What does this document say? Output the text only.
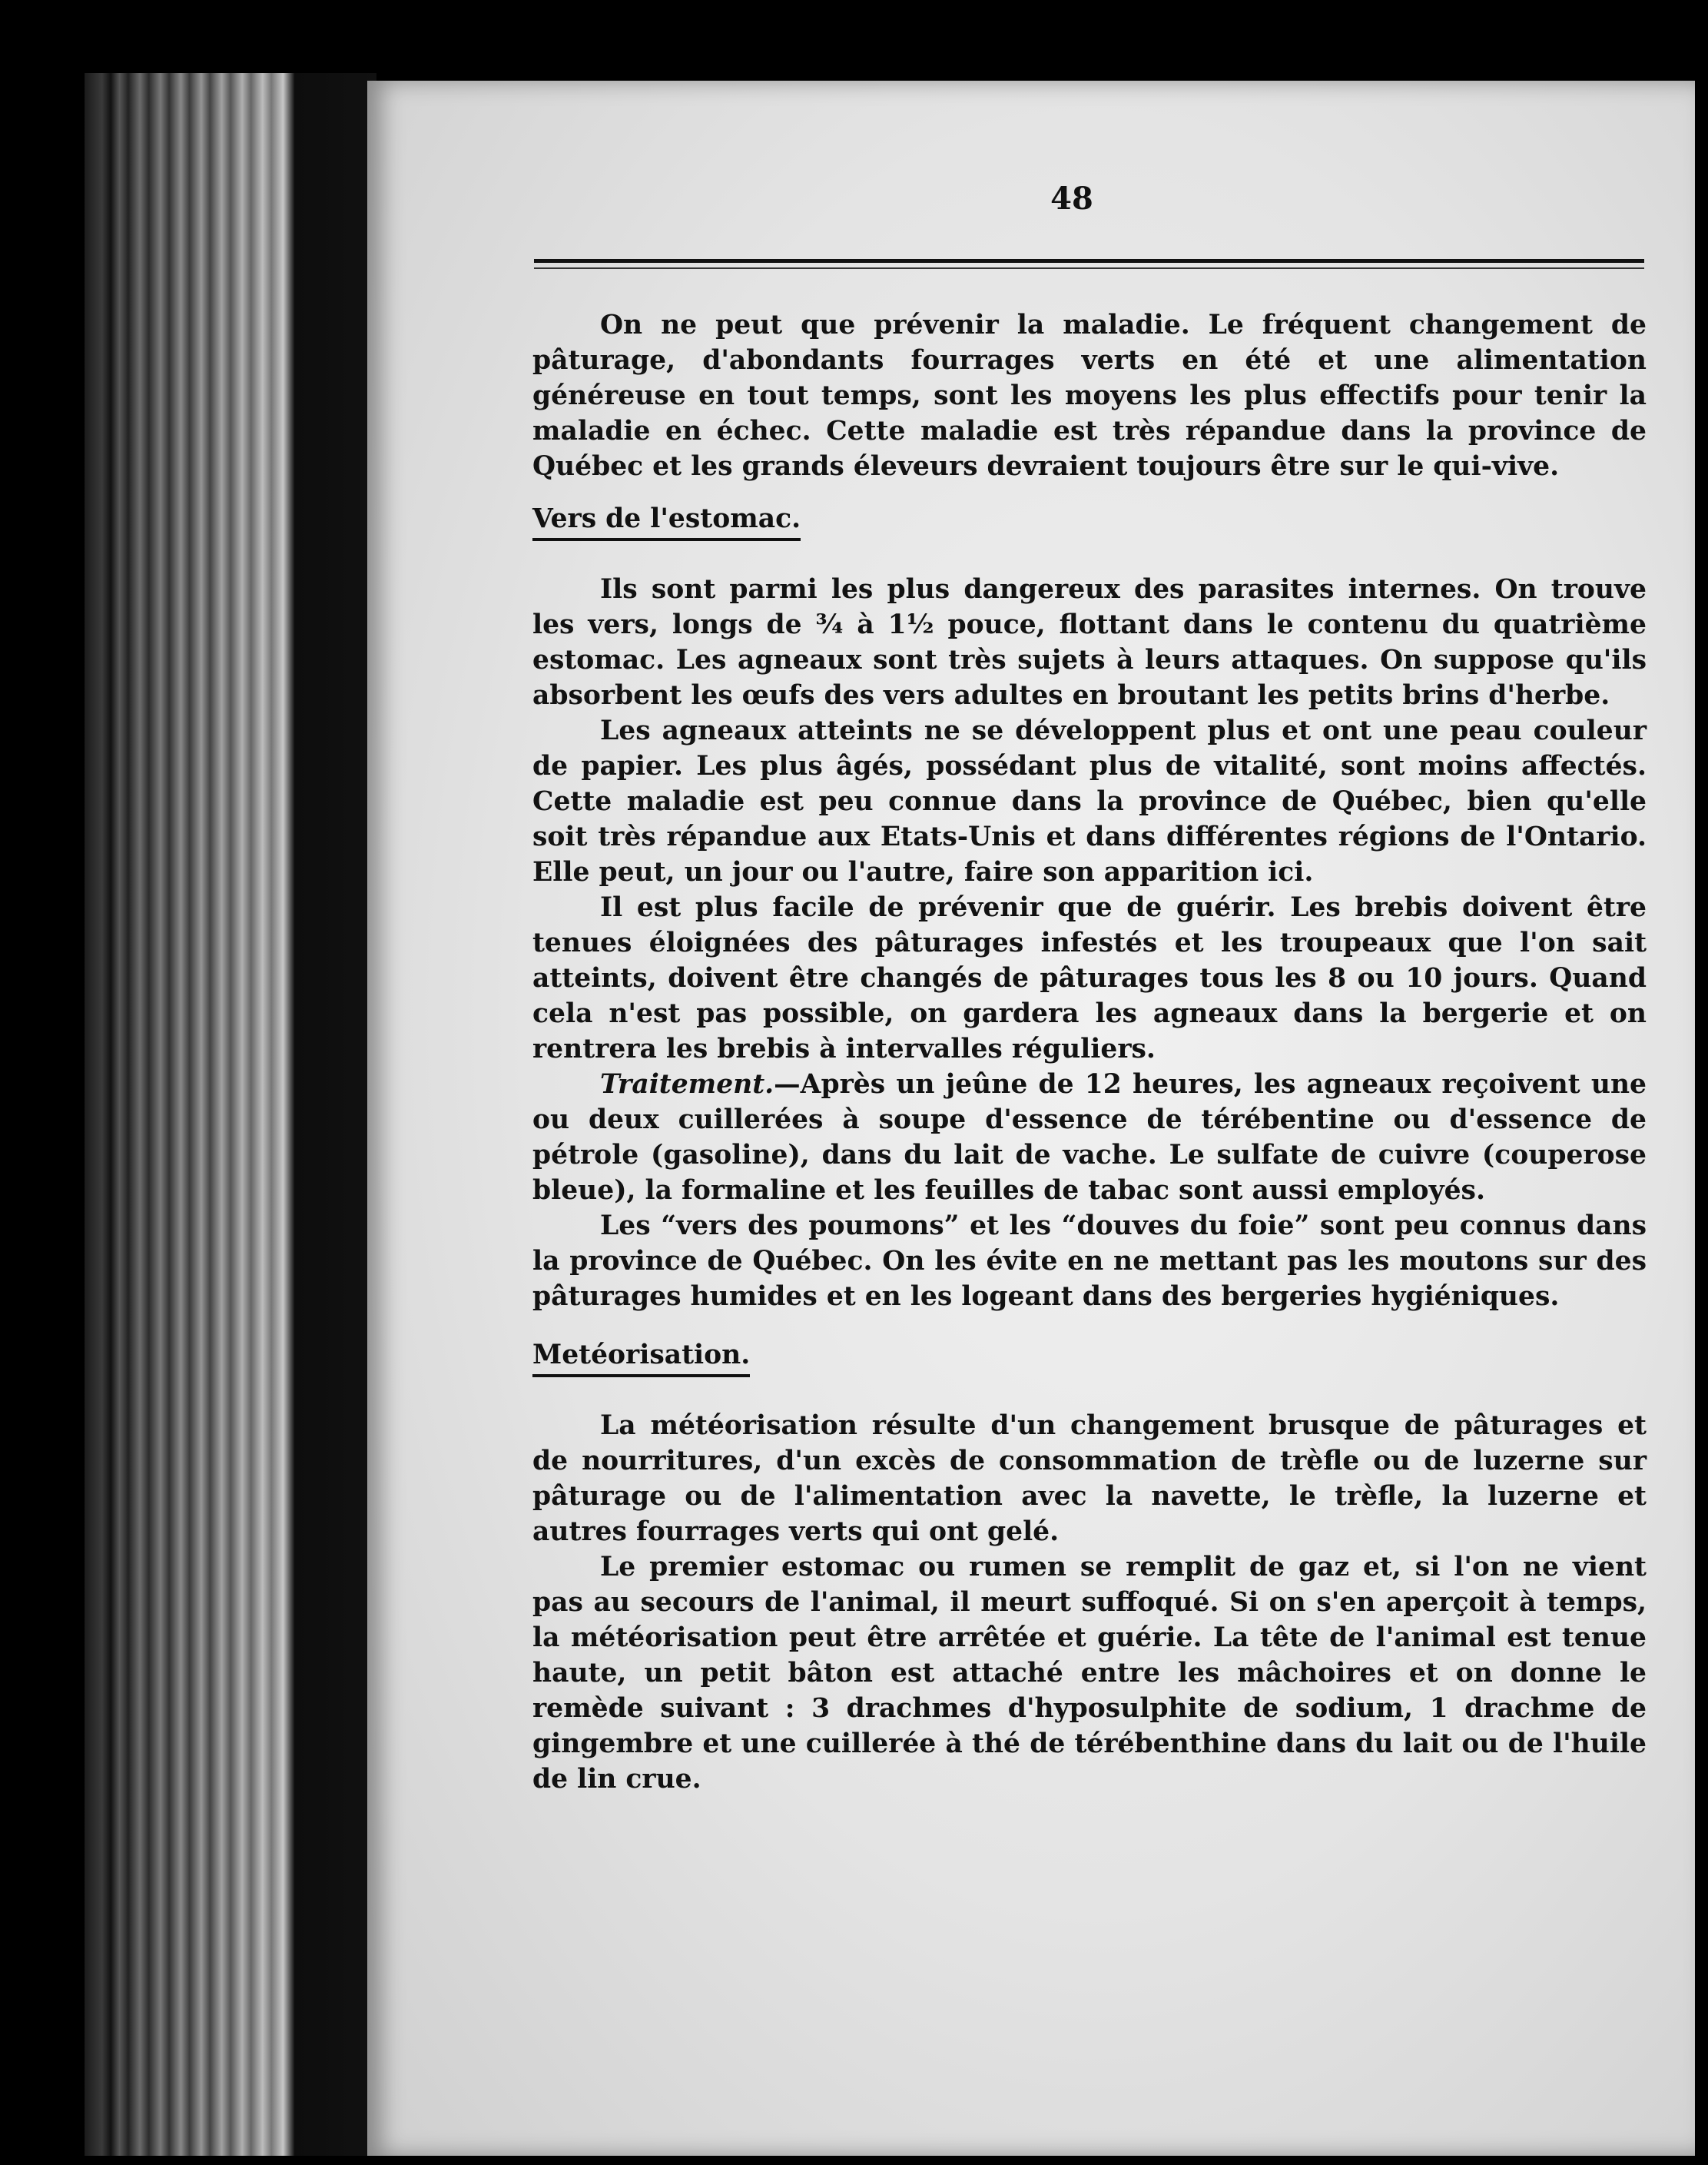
48

On ne peut que prévenir la maladie. Le fréquent changement de pâturage, d'abondants fourrages verts en été et une alimentation généreuse en tout temps, sont les moyens les plus effectifs pour tenir la maladie en échec. Cette maladie est très répandue dans la province de Québec et les grands éleveurs devraient toujours être sur le qui-vive.

Vers de l'estomac.

Ils sont parmi les plus dangereux des parasites internes. On trouve les vers, longs de ¾ à 1½ pouce, flottant dans le contenu du quatrième estomac. Les agneaux sont très sujets à leurs attaques. On suppose qu'ils absorbent les œufs des vers adultes en broutant les petits brins d'herbe.

Les agneaux atteints ne se développent plus et ont une peau couleur de papier. Les plus âgés, possédant plus de vitalité, sont moins affectés. Cette maladie est peu connue dans la province de Québec, bien qu'elle soit très répandue aux Etats-Unis et dans différentes régions de l'Ontario. Elle peut, un jour ou l'autre, faire son apparition ici.

Il est plus facile de prévenir que de guérir. Les brebis doivent être tenues éloignées des pâturages infestés et les troupeaux que l'on sait atteints, doivent être changés de pâturages tous les 8 ou 10 jours. Quand cela n'est pas possible, on gardera les agneaux dans la bergerie et on rentrera les brebis à intervalles réguliers.

Traitement.—Après un jeûne de 12 heures, les agneaux reçoivent une ou deux cuillerées à soupe d'essence de térébentine ou d'essence de pétrole (gasoline), dans du lait de vache. Le sulfate de cuivre (couperose bleue), la formaline et les feuilles de tabac sont aussi employés.

Les “vers des poumons” et les “douves du foie” sont peu connus dans la province de Québec. On les évite en ne mettant pas les moutons sur des pâturages humides et en les logeant dans des bergeries hygiéniques.

Metéorisation.

La météorisation résulte d'un changement brusque de pâturages et de nourritures, d'un excès de consommation de trèfle ou de luzerne sur pâturage ou de l'alimentation avec la navette, le trèfle, la luzerne et autres fourrages verts qui ont gelé.

Le premier estomac ou rumen se remplit de gaz et, si l'on ne vient pas au secours de l'animal, il meurt suffoqué. Si on s'en aperçoit à temps, la météorisation peut être arrêtée et guérie. La tête de l'animal est tenue haute, un petit bâton est attaché entre les mâchoires et on donne le remède suivant : 3 drachmes d'hyposulphite de sodium, 1 drachme de gingembre et une cuillerée à thé de térébenthine dans du lait ou de l'huile de lin crue.
